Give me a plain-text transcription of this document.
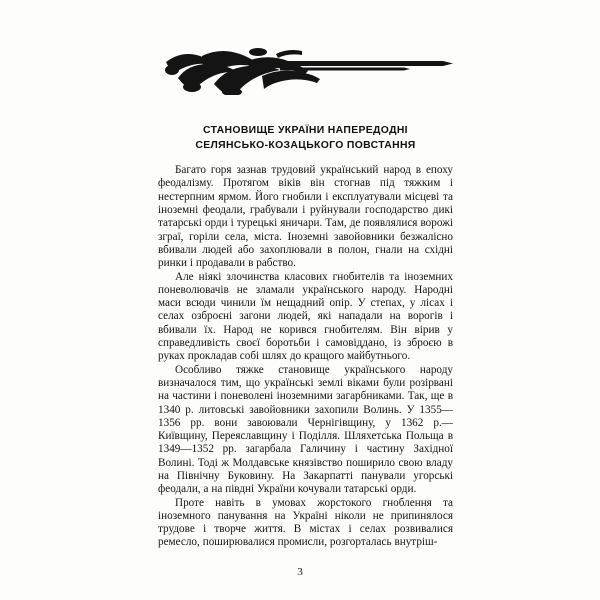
СТАНОВИЩЕ УКРАЇНИ НАПЕРЕДОДНІ
СЕЛЯНСЬКО-КОЗАЦЬКОГО ПОВСТАННЯ

Багато горя зазнав трудовий український народ в епоху феодалізму. Протягом віків він стогнав під тяжким і нестерпним ярмом. Його гнобили і експлуатували місцеві та іноземні феодали, грабували і руйнували господарство дикі татарські орди і турецькі яничари. Там, де появлялися ворожі зграї, горіли села, міста. Іноземні завойовники безжалісно вбивали людей або захоплювали в полон, гнали на східні ринки і продавали в рабство.

Але ніякі злочинства класових гнобителів та іноземних поневолювачів не зламали українського народу. Народні маси всюди чинили їм нещадний опір. У степах, у лісах і селах озброєні загони людей, які нападали на ворогів і вбивали їх. Народ не корився гнобителям. Він вірив у справедливість своєї боротьби і самовіддано, із зброєю в руках прокладав собі шлях до кращого майбутнього.

Особливо тяжке становище українського народу визначалося тим, що українські землі віками були розірвані на частини і поневолені іноземними загарбниками. Так, ще в 1340 р. литовські завойовники захопили Волинь. У 1355—1356 рр. вони завоювали Чернігівщину, у 1362 р.— Київщину, Переяславщину і Поділля. Шляхетська Польща в 1349—1352 рр. загарбала Галичину і частину Західної Волині. Тоді ж Молдавське князівство поширило свою владу на Північну Буковину. На Закарпатті панували угорські феодали, а на півдні України кочували татарські орди.

Проте навіть в умовах жорстокого гноблення та іноземного панування на Україні ніколи не припинялося трудове і творче життя. В містах і селах розвивалися ремесло, поширювалися промисли, розгорталась внутріш-

3
